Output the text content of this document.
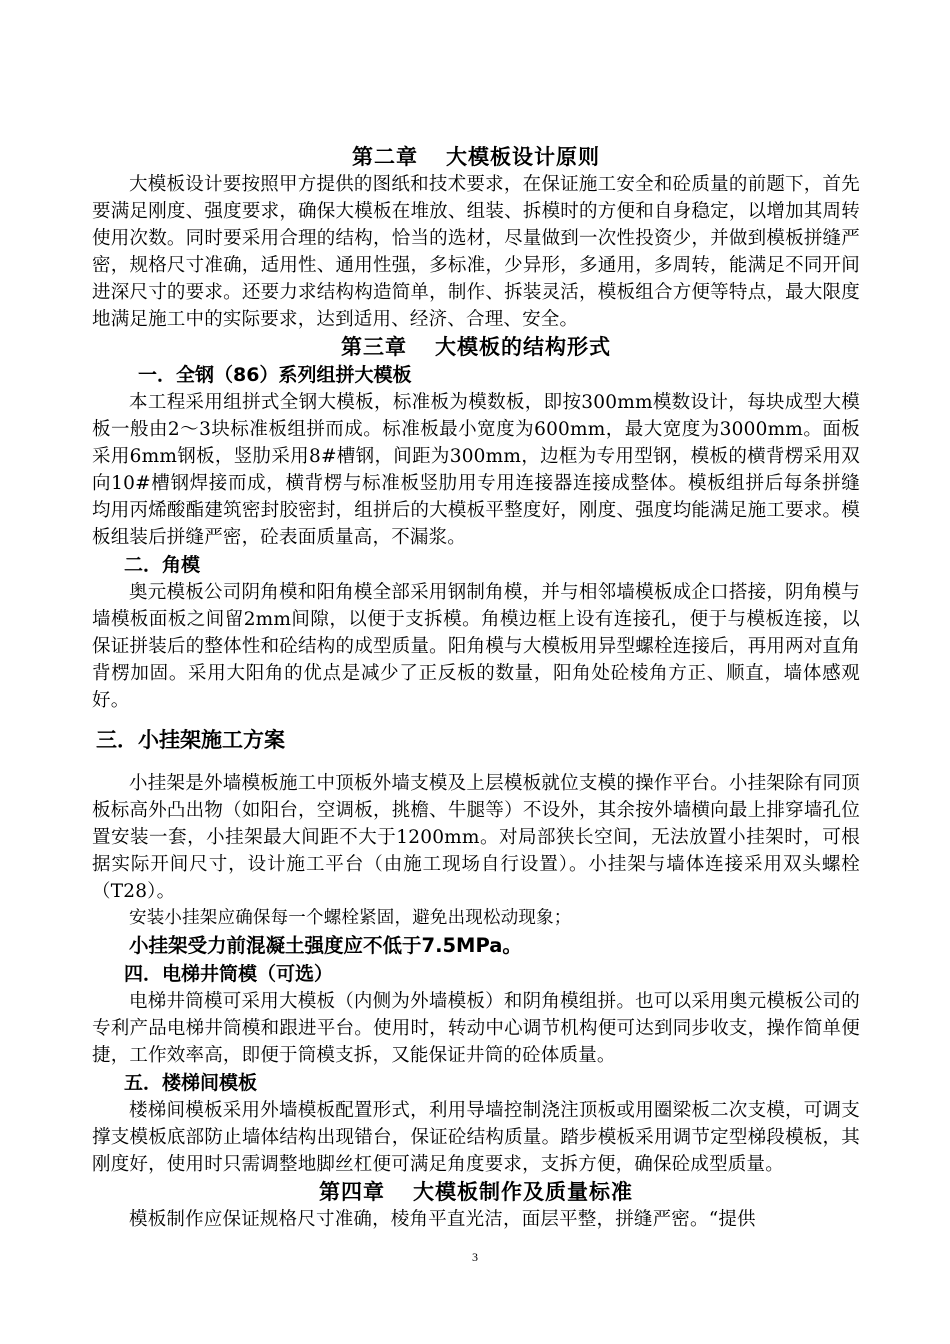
第二章 大模板设计原则
大模板设计要按照甲方提供的图纸和技术要求，在保证施工安全和砼质量的前题下，首先要满足刚度、强度要求，确保大模板在堆放、组装、拆模时的方便和自身稳定，以增加其周转使用次数。同时要采用合理的结构，恰当的选材，尽量做到一次性投资少，并做到模板拼缝严密，规格尺寸准确，适用性、通用性强，多标准，少异形，多通用，多周转，能满足不同开间进深尺寸的要求。还要力求结构构造简单，制作、拆装灵活，模板组合方便等特点，最大限度地满足施工中的实际要求，达到适用、经济、合理、安全。
第三章 大模板的结构形式
一．全钢（86）系列组拼大模板
本工程采用组拼式全钢大模板，标准板为模数板，即按300mm模数设计，每块成型大模板一般由2～3块标准板组拼而成。标准板最小宽度为600mm，最大宽度为3000mm。面板采用6mm钢板，竖肋采用8#槽钢，间距为300mm，边框为专用型钢，模板的横背楞采用双向10#槽钢焊接而成，横背楞与标准板竖肋用专用连接器连接成整体。模板组拼后每条拼缝均用丙烯酸酯建筑密封胶密封，组拼后的大模板平整度好，刚度、强度均能满足施工要求。模板组装后拼缝严密，砼表面质量高，不漏浆。
二．角模
奥元模板公司阴角模和阳角模全部采用钢制角模，并与相邻墙模板成企口搭接，阴角模与墙模板面板之间留2mm间隙，以便于支拆模。角模边框上设有连接孔，便于与模板连接，以保证拼装后的整体性和砼结构的成型质量。阳角模与大模板用异型螺栓连接后，再用两对直角背楞加固。采用大阳角的优点是减少了正反板的数量，阳角处砼棱角方正、顺直，墙体感观好。
三．小挂架施工方案
小挂架是外墙模板施工中顶板外墙支模及上层模板就位支模的操作平台。小挂架除有同顶板标高外凸出物（如阳台，空调板，挑檐、牛腿等）不设外，其余按外墙横向最上排穿墙孔位置安装一套，小挂架最大间距不大于1200mm。对局部狭长空间，无法放置小挂架时，可根据实际开间尺寸，设计施工平台（由施工现场自行设置）。小挂架与墙体连接采用双头螺栓（T28）。
安装小挂架应确保每一个螺栓紧固，避免出现松动现象；
小挂架受力前混凝土强度应不低于7.5MPa。
四．电梯井筒模（可选）
电梯井筒模可采用大模板（内侧为外墙模板）和阴角模组拼。也可以采用奥元模板公司的专利产品电梯井筒模和跟进平台。使用时，转动中心调节机构便可达到同步收支，操作简单便捷，工作效率高，即便于筒模支拆，又能保证井筒的砼体质量。
五．楼梯间模板
楼梯间模板采用外墙模板配置形式，利用导墙控制浇注顶板或用圈梁板二次支模，可调支撑支模板底部防止墙体结构出现错台，保证砼结构质量。踏步模板采用调节定型梯段模板，其刚度好，使用时只需调整地脚丝杠便可满足角度要求，支拆方便，确保砼成型质量。
第四章 大模板制作及质量标准
模板制作应保证规格尺寸准确，棱角平直光洁，面层平整，拼缝严密。“提供
3
